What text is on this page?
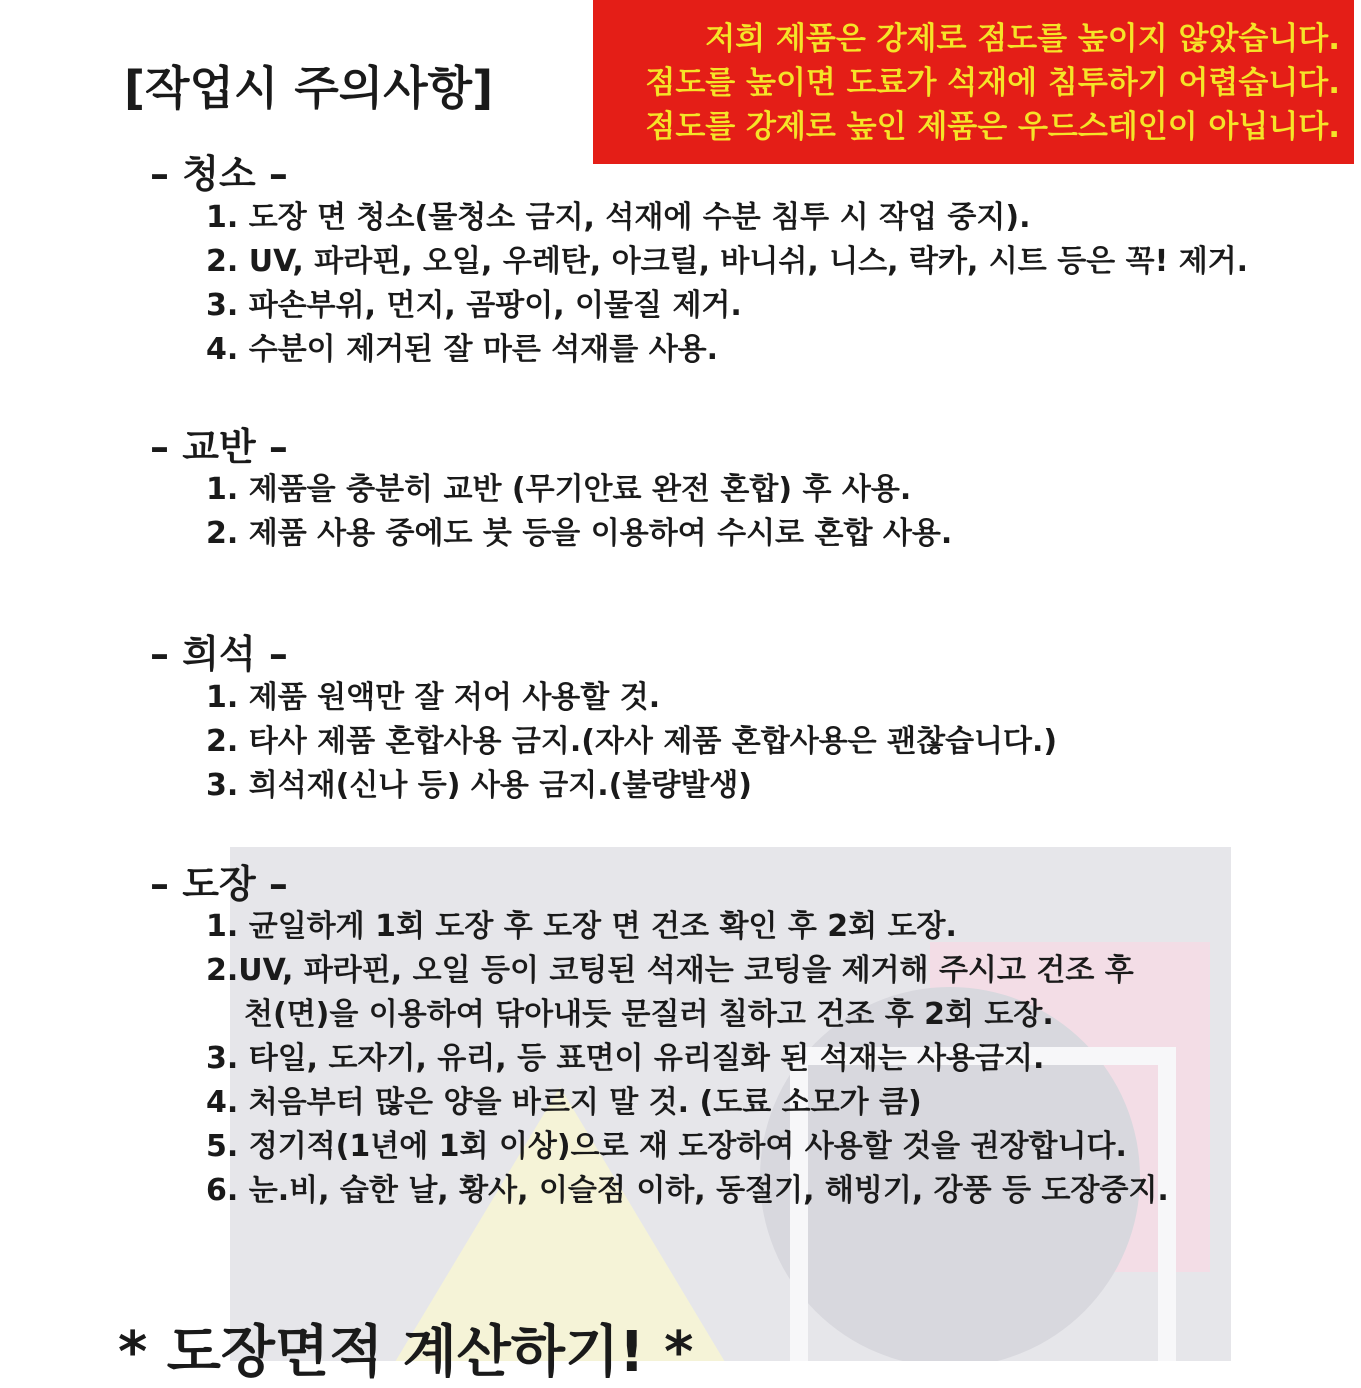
[작업시 주의사항]
저희 제품은 강제로 점도를 높이지 않았습니다.
점도를 높이면 도료가 석재에 침투하기 어렵습니다.
점도를 강제로 높인 제품은 우드스테인이 아닙니다.
– 청소 –
1. 도장 면 청소(물청소 금지, 석재에 수분 침투 시 작업 중지).
2. UV, 파라핀, 오일, 우레탄, 아크릴, 바니쉬, 니스, 락카, 시트 등은 꼭! 제거.
3. 파손부위, 먼지, 곰팡이, 이물질 제거.
4. 수분이 제거된 잘 마른 석재를 사용.
– 교반 –
1. 제품을 충분히 교반 (무기안료 완전 혼합) 후 사용.
2. 제품 사용 중에도 붓 등을 이용하여 수시로 혼합 사용.
– 희석 –
1. 제품 원액만 잘 저어 사용할 것.
2. 타사 제품 혼합사용 금지.(자사 제품 혼합사용은 괜찮습니다.)
3. 희석재(신나 등) 사용 금지.(불량발생)
– 도장 –
1. 균일하게 1회 도장 후 도장 면 건조 확인 후 2회 도장.
2.UV, 파라핀, 오일 등이 코팅된 석재는 코팅을 제거해 주시고 건조 후
천(면)을 이용하여 닦아내듯 문질러 칠하고 건조 후 2회 도장.
3. 타일, 도자기, 유리, 등 표면이 유리질화 된 석재는 사용금지.
4. 처음부터 많은 양을 바르지 말 것. (도료 소모가 큼)
5. 정기적(1년에 1회 이상)으로 재 도장하여 사용할 것을 권장합니다.
6. 눈.비, 습한 날, 황사, 이슬점 이하, 동절기, 해빙기, 강풍 등 도장중지.
* 도장면적 계산하기! *
